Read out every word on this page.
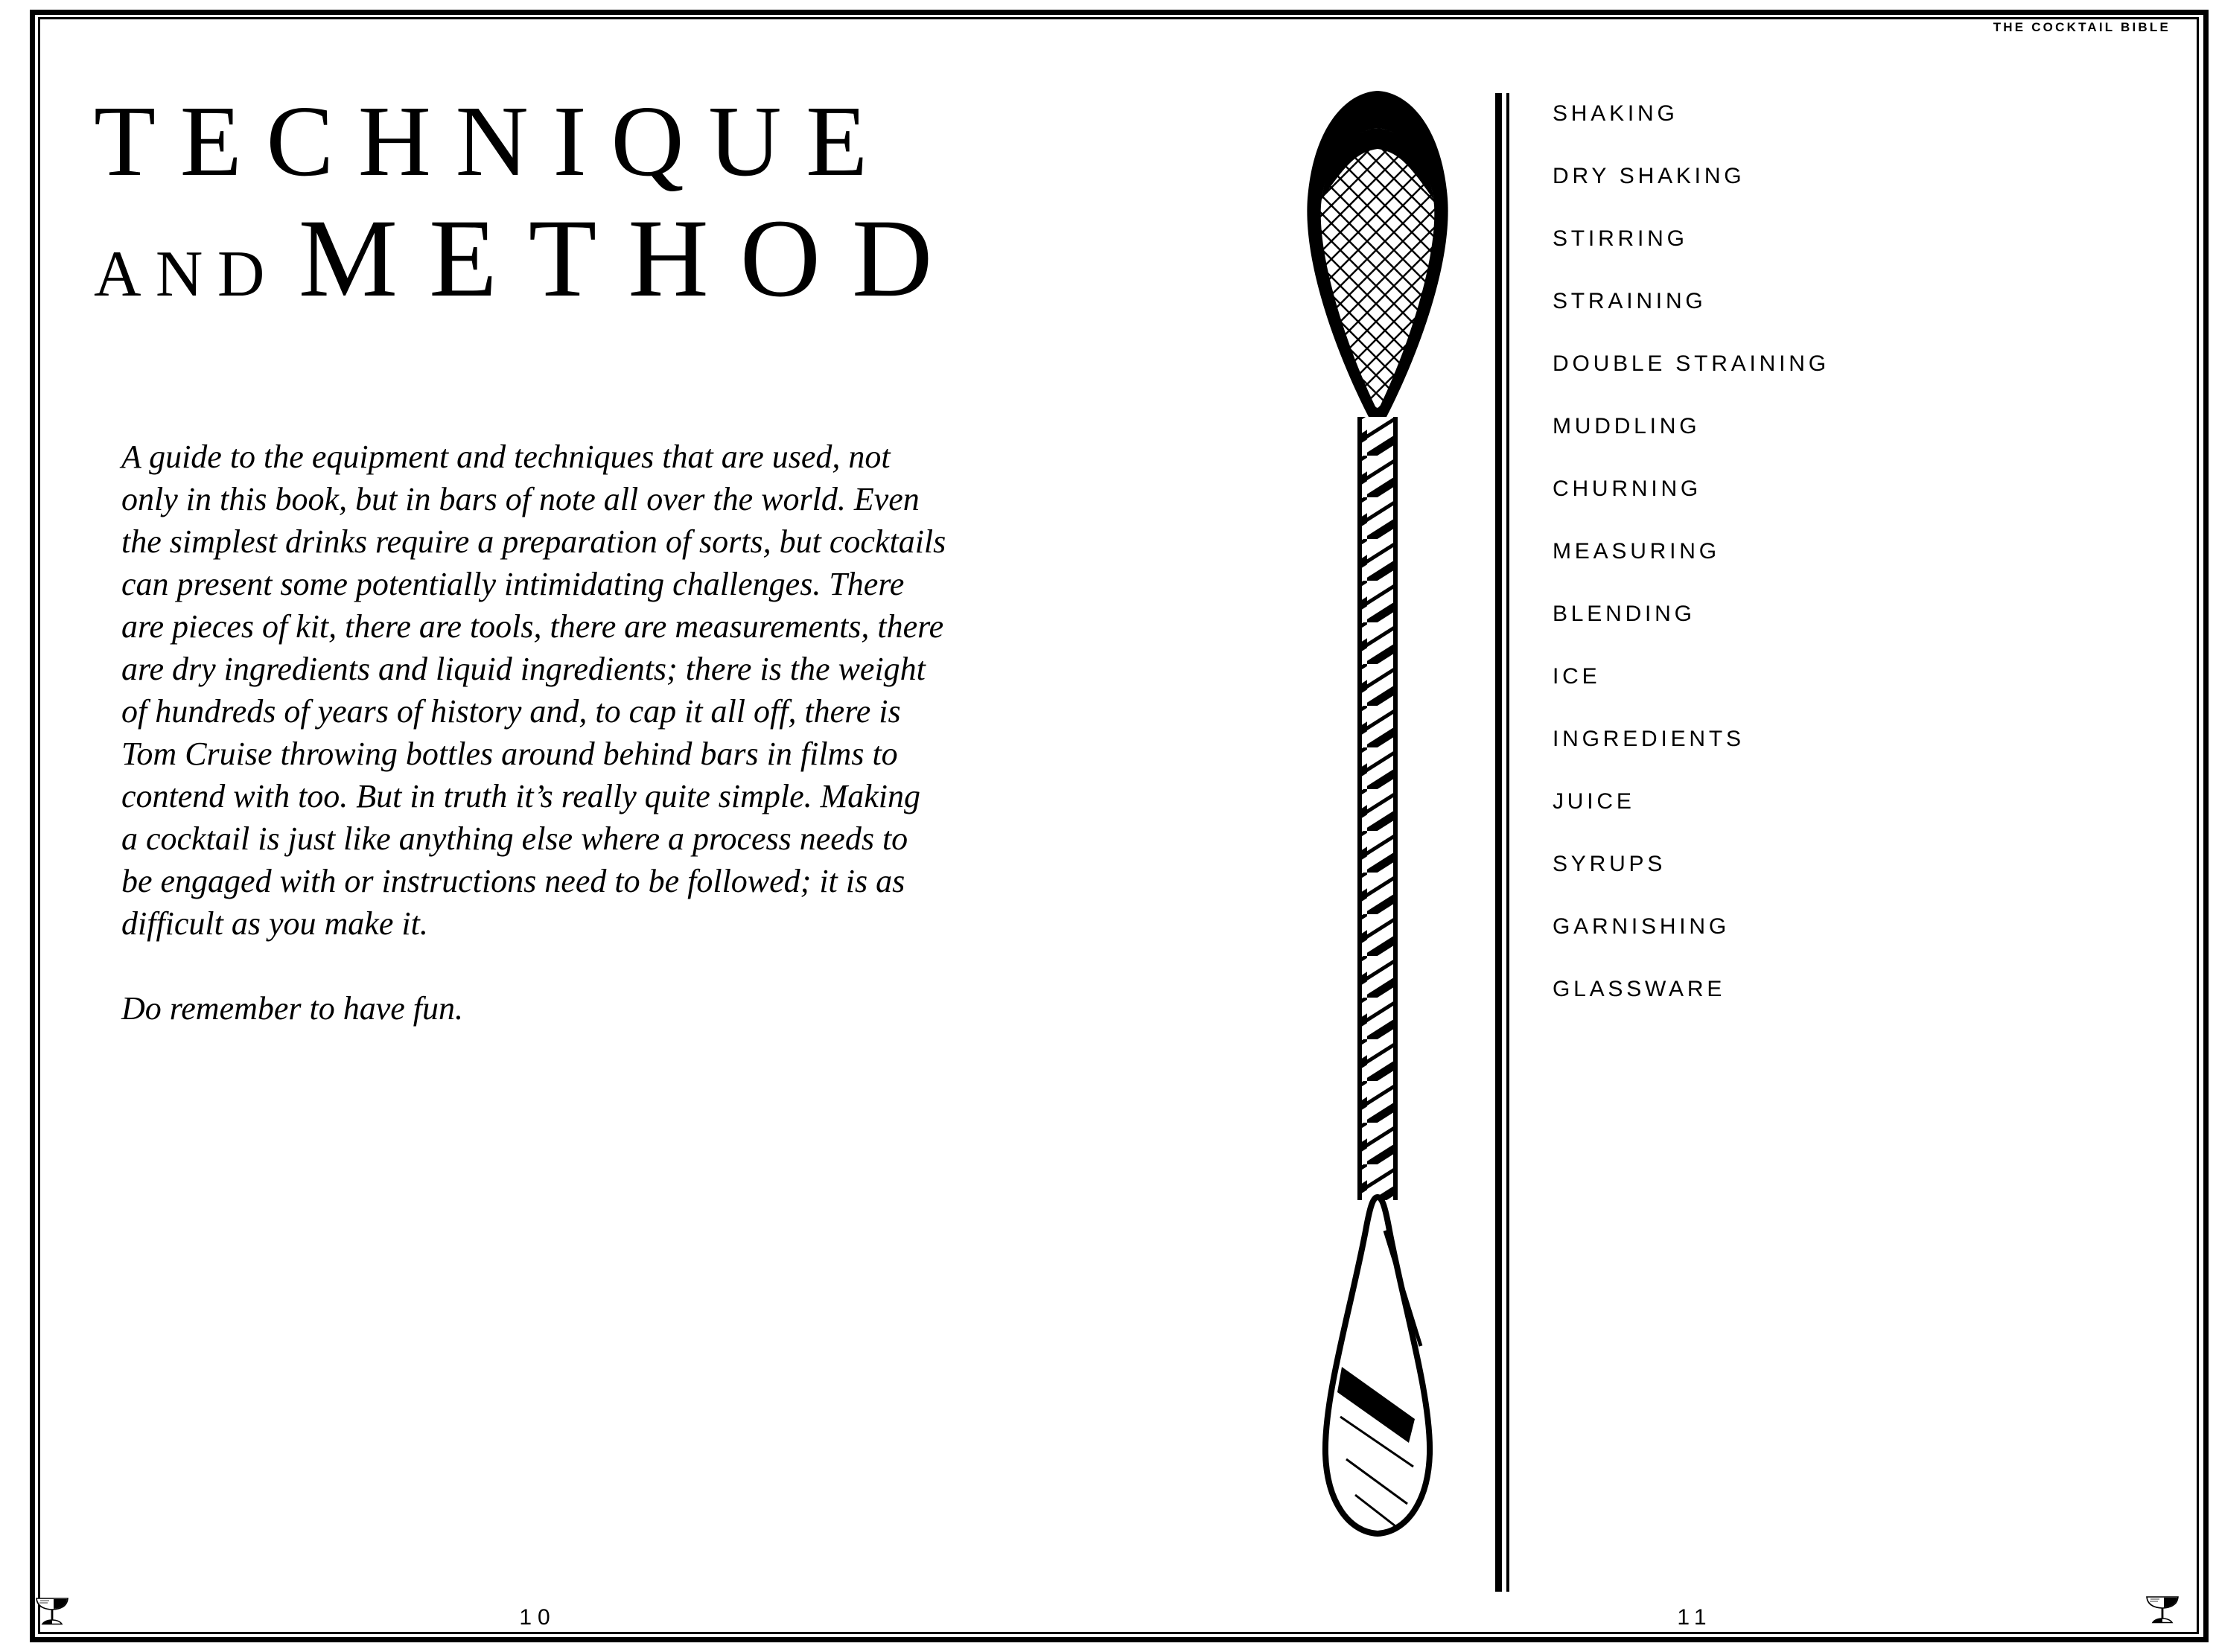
THE COCKTAIL BIBLE
TECHNIQUE
AND METHOD
A guide to the equipment and techniques that are used, not
only in this book, but in bars of note all over the world. Even
the simplest drinks require a preparation of sorts, but cocktails
can present some potentially intimidating challenges. There
are pieces of kit, there are tools, there are measurements, there
are dry ingredients and liquid ingredients; there is the weight
of hundreds of years of history and, to cap it all off, there is
Tom Cruise throwing bottles around behind bars in films to
contend with too. But in truth it’s really quite simple. Making
a cocktail is just like anything else where a process needs to
be engaged with or instructions need to be followed; it is as
difficult as you make it.
Do remember to have fun.
10	11
SHAKING
DRY SHAKING
STIRRING
STRAINING
DOUBLE STRAINING
MUDDLING
CHURNING
MEASURING
BLENDING
ICE
INGREDIENTS
JUICE
SYRUPS
GARNISHING
GLASSWARE
